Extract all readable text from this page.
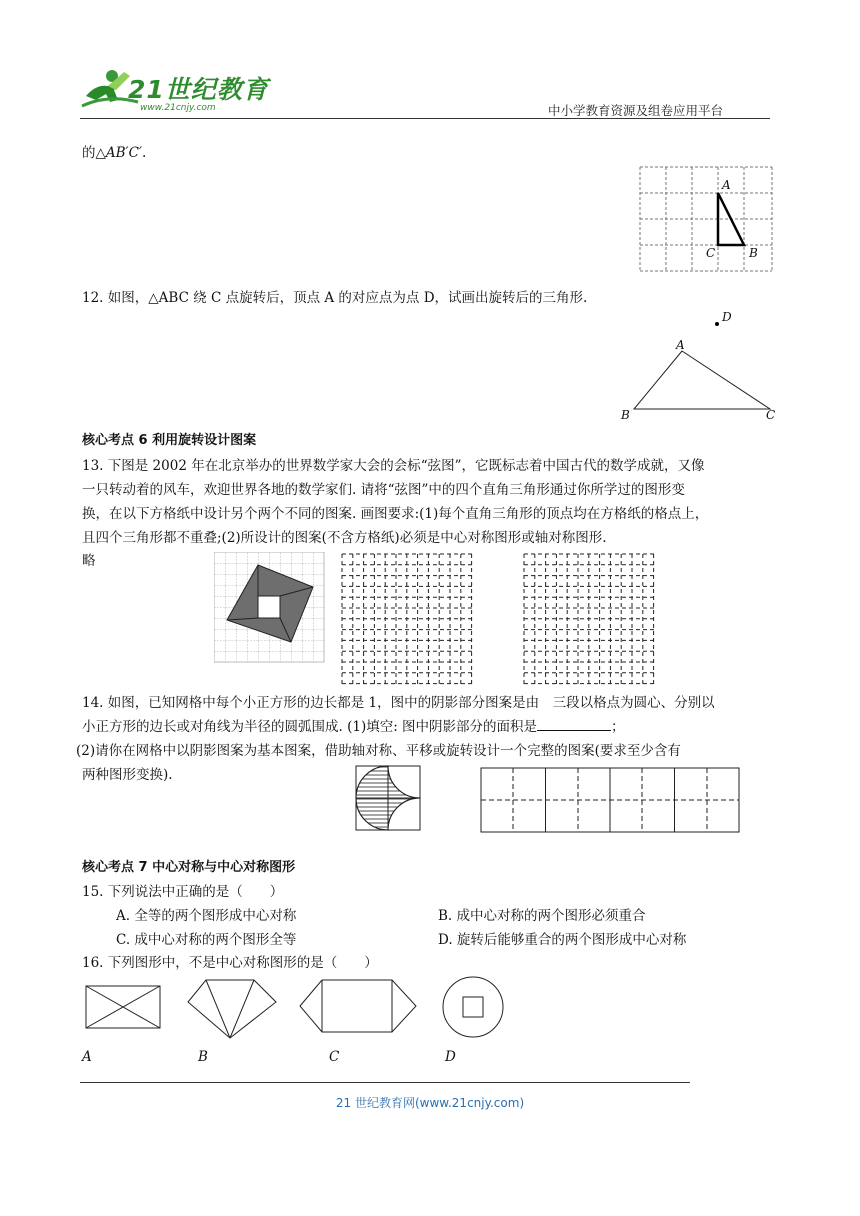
21世纪教育
www.21cnjy.com	中小学教育资源及组卷应用平台
的△AB′C′.
A
C	B
12. 如图，△ABC 绕 C 点旋转后，顶点 A 的对应点为点 D，试画出旋转后的三角形.
A
B	C
D
核心考点 6 利用旋转设计图案
13. 下图是 2002 年在北京举办的世界数学家大会的会标“弦图”，它既标志着中国古代的数学成就，又像
一只转动着的风车，欢迎世界各地的数学家们. 请将“弦图”中的四个直角三角形通过你所学过的图形变
换，在以下方格纸中设计另个两个不同的图案. 画图要求:(1)每个直角三角形的顶点均在方格纸的格点上，
且四个三角形都不重叠;(2)所设计的图案(不含方格纸)必须是中心对称图形或轴对称图形.
略
14. 如图，已知网格中每个小正方形的边长都是 1，图中的阴影部分图案是由　三段以格点为圆心、分别以
小正方形的边长或对角线为半径的圆弧围成. (1)填空: 图中阴影部分的面积是	；
(2)请你在网格中以阴影图案为基本图案，借助轴对称、平移或旋转设计一个完整的图案(要求至少含有
两种图形变换).
核心考点 7 中心对称与中心对称图形
15. 下列说法中正确的是（　　）
A. 全等的两个图形成中心对称	B. 成中心对称的两个图形必须重合
C. 成中心对称的两个图形全等	D. 旋转后能够重合的两个图形成中心对称
16. 下列图形中，不是中心对称图形的是（　　）
A	B	C	D
21 世纪教育网(www.21cnjy.com)
